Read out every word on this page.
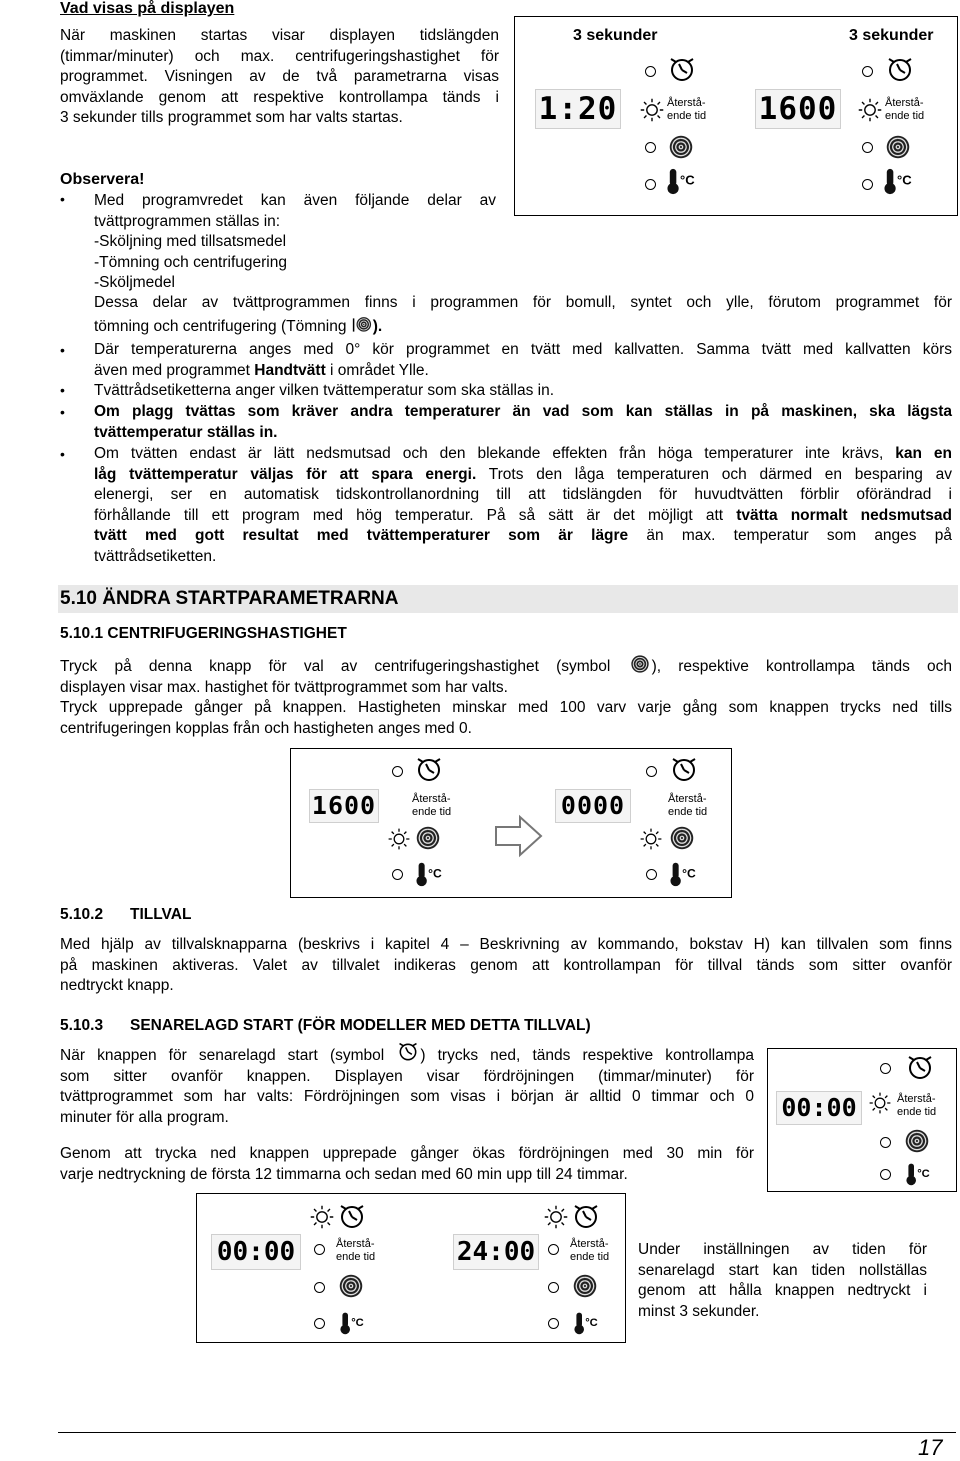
Vad visas på displayen
När maskinen startas visar displayen tidslängden
(timmar/minuter) och max. centrifugeringshastighet för
programmet. Visningen av de två parametrarna visas
omväxlande genom att respektive kontrollampa tänds i
3 sekunder tills programmet som har valts startas.
3 sekunder	3 sekunder
1:20	Återstå-
ende tid 1600	Återstå-
ende tid
Observera!
• Med programvredet kan även följande delar av
tvättprogrammen ställas in:
-Sköljning med tillsatsmedel
-Tömning och centrifugering
-Sköljmedel
Dessa delar av tvättprogrammen finns i programmen för bomull, syntet och ylle, förutom programmet för
tömning och centrifugering (Tömning ).
• Där temperaturerna anges med 0° kör programmet en tvätt med kallvatten. Samma tvätt med kallvatten körs
även med programmet Handtvätt i området Ylle.
• Tvättrådsetiketterna anger vilken tvättemperatur som ska ställas in.
• Om plagg tvättas som kräver andra temperaturer än vad som kan ställas in på maskinen, ska lägsta
tvättemperatur ställas in.
• Om tvätten endast är lätt nedsmutsad och den blekande effekten från höga temperaturer inte krävs, kan en
låg tvättemperatur väljas för att spara energi. Trots den låga temperaturen och därmed en besparing av
elenergi, ser en automatisk tidskontrollanordning till att tidslängden för huvudtvätten förblir oförändrad i
förhållande till ett program med hög temperatur. På så sätt är det möjligt att tvätta normalt nedsmutsad
tvätt med gott resultat med tvättemperaturer som är lägre än max. temperatur som anges på
tvättrådsetiketten.
5.10 ÄNDRA STARTPARAMETRARNA
5.10.1 CENTRIFUGERINGSHASTIGHET
Tryck på denna knapp för val av centrifugeringshastighet (symbol	), respektive kontrollampa tänds och
displayen visar max. hastighet för tvättprogrammet som har valts.
Tryck upprepade gånger på knappen. Hastigheten minskar med 100 varv varje gång som knappen trycks ned tills
centrifugeringen kopplas från och hastigheten anges med 0.
1600	Återstå-
ende tid	0000	Återstå-
ende tid
5.10.2 TILLVAL
Med hjälp av tillvalsknapparna (beskrivs i kapitel 4 – Beskrivning av kommando, bokstav H) kan tillvalen som finns
på maskinen aktiveras. Valet av tillvalet indikeras genom att kontrollampan för tillval tänds som sitter ovanför
nedtryckt knapp.
5.10.3 SENARELAGD START (FÖR MODELLER MED DETTA TILLVAL)
När knappen för senarelagd start (symbol ) trycks ned, tänds respektive kontrollampa
som sitter ovanför knappen. Displayen visar fördröjningen (timmar/minuter) för
tvättprogrammet som har valts: Fördröjningen som visas i början är alltid 0 timmar och 0
minuter för alla program.
Genom att trycka ned knappen upprepade gånger ökas fördröjningen med 30 min för
varje nedtryckning de första 12 timmarna och sedan med 60 min upp till 24 timmar.
00:00	Återstå-
ende tid
00:00	Återstå-
ende tid	24:00	Återstå-
ende tid Under inställningen av tiden för
senarelagd start kan tiden nollställas
genom att hålla knappen nedtryckt i
minst 3 sekunder.
17
